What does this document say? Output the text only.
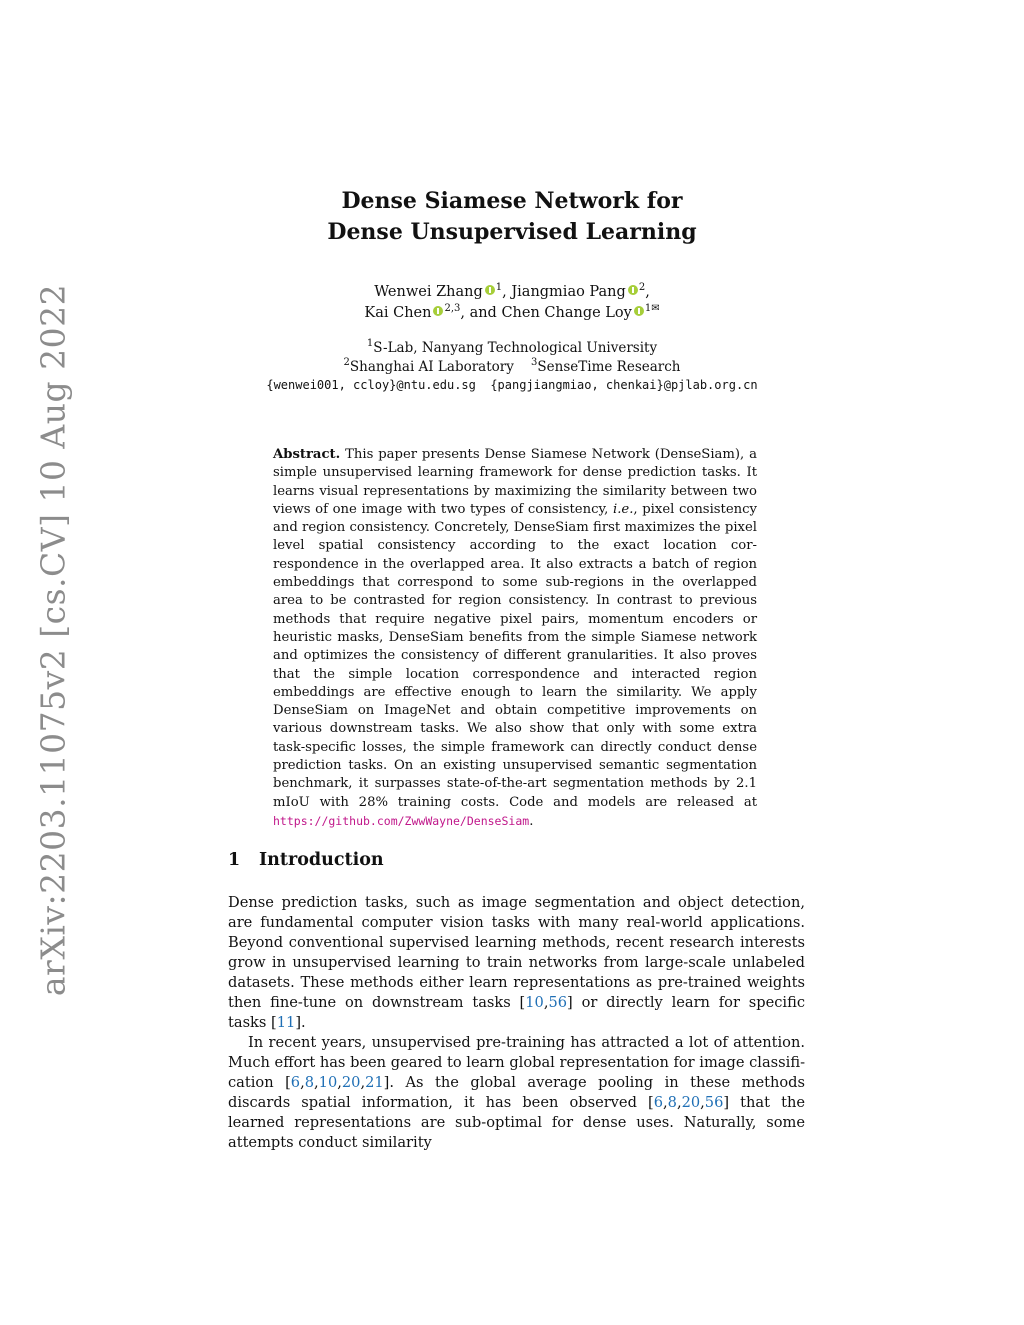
arXiv:2203.11075v2 [cs.CV] 10 Aug 2022
Dense Siamese Network for
Dense Unsupervised Learning
Wenwei Zhang $^1$, Jiangmiao Pang $^2$,
Kai Chen $^{2,3}$, and Chen Change Loy $^{1✉}$
$^1$S-Lab, Nanyang Technological University
$^2$Shanghai AI Laboratory $^3$SenseTime Research
{wenwei001, ccloy}@ntu.edu.sg  {pangjiangmiao, chenkai}@pjlab.org.cn
Abstract. This paper presents Dense Siamese Network (DenseSiam), a simple unsupervised learning framework for dense prediction tasks. It learns visual representations by maximizing the similarity between two views of one image with two types of consistency, i.e., pixel consistency and region consistency. Concretely, DenseSiam first maximizes the pixel level spatial consistency according to the exact location correspondence in the overlapped area. It also extracts a batch of region embeddings that correspond to some sub-regions in the overlapped area to be contrasted for region consistency. In contrast to previous methods that require negative pixel pairs, momentum encoders or heuristic masks, DenseSiam benefits from the simple Siamese network and optimizes the consistency of different granularities. It also proves that the simple location correspondence and interacted region embeddings are effective enough to learn the similarity. We apply DenseSiam on ImageNet and obtain competitive improvements on various downstream tasks. We also show that only with some extra task-specific losses, the simple framework can directly conduct dense prediction tasks. On an existing unsupervised semantic segmentation benchmark, it surpasses state-of-the-art segmentation methods by 2.1 mIoU with 28% training costs. Code and models are released at https://github.com/ZwwWayne/DenseSiam.
1 Introduction

Dense prediction tasks, such as image segmentation and object detection, are fundamental computer vision tasks with many real-world applications. Beyond conventional supervised learning methods, recent research interests grow in unsupervised learning to train networks from large-scale unlabeled datasets. These methods either learn representations as pre-trained weights then fine-tune on downstream tasks [10,56] or directly learn for specific tasks [11].

In recent years, unsupervised pre-training has attracted a lot of attention. Much effort has been geared to learn global representation for image classification [6,8,10,20,21]. As the global average pooling in these methods discards spatial information, it has been observed [6,8,20,56] that the learned representations are sub-optimal for dense uses. Naturally, some attempts conduct similarity
